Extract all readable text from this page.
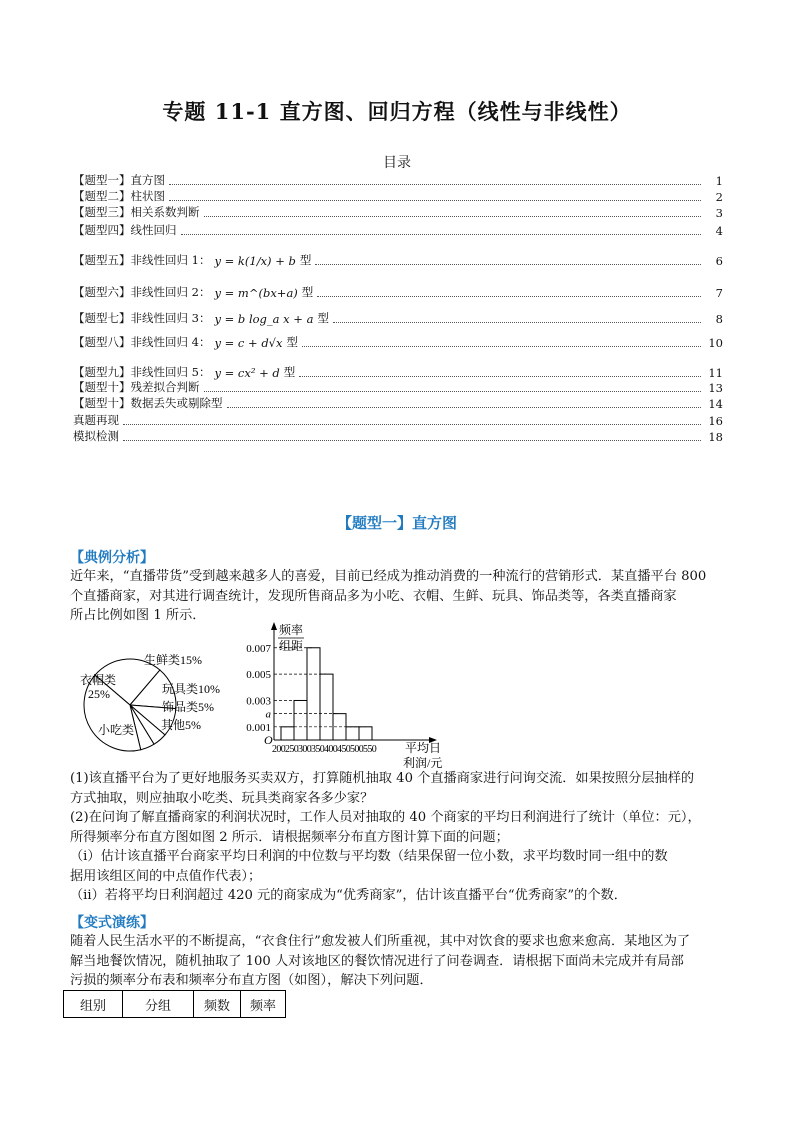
专题 11-1 直方图、回归方程（线性与非线性）
目录
【题型一】直方图	1
【题型二】柱状图	2
【题型三】相关系数判断	3
【题型四】线性回归	4
【题型五】非线性回归 1： y = k(1/x) + b 型	6
【题型六】非线性回归 2： y = m^(bx+a) 型	7
【题型七】非线性回归 3： y = b log_a x + a 型	8
【题型八】非线性回归 4： y = c + d√x 型	10
【题型九】非线性回归 5： y = cx² + d 型	11
【题型十】残差拟合判断	13
【题型十】数据丢失或剔除型	14
真题再现	16
模拟检测	18
【题型一】直方图
【典例分析】
近年来，“直播带货”受到越来越多人的喜爱，目前已经成为推动消费的一种流行的营销形式．某直播平台 800
个直播商家，对其进行调查统计，发现所售商品多为小吃、衣帽、生鲜、玩具、饰品类等，各类直播商家
所占比例如图 1 所示．
衣帽类
25%
生鲜类15%
玩具类10%
饰品类5%
其他5%
小吃类
频率
组距
0.001
a
0.003
0.005
0.007
O
200 250 300 350 400 450 500 550 平均日
利润/元
(1)该直播平台为了更好地服务买卖双方，打算随机抽取 40 个直播商家进行问询交流．如果按照分层抽样的
方式抽取，则应抽取小吃类、玩具类商家各多少家？
(2)在问询了解直播商家的利润状况时，工作人员对抽取的 40 个商家的平均日利润进行了统计（单位：元），
所得频率分布直方图如图 2 所示．请根据频率分布直方图计算下面的问题；
（ⅰ）估计该直播平台商家平均日利润的中位数与平均数（结果保留一位小数，求平均数时同一组中的数
据用该组区间的中点值作代表）；
（ⅱ）若将平均日利润超过 420 元的商家成为“优秀商家”，估计该直播平台“优秀商家”的个数．
【变式演练】
随着人民生活水平的不断提高，“衣食住行”愈发被人们所重视，其中对饮食的要求也愈来愈高．某地区为了
解当地餐饮情况，随机抽取了 100 人对该地区的餐饮情况进行了问卷调查．请根据下面尚未完成并有局部
污损的频率分布表和频率分布直方图（如图），解决下列问题．
组别	分组	频数	频率
